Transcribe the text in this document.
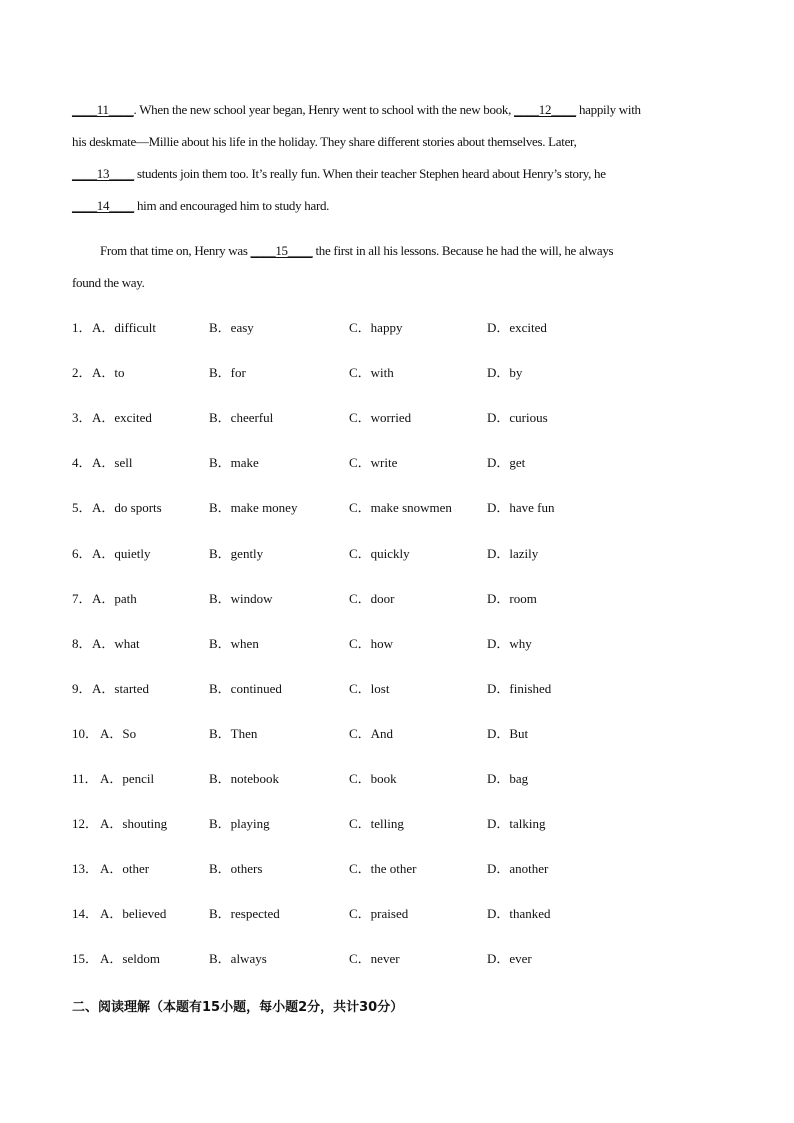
____11____. When the new school year began, Henry went to school with the new book, ____12____ happily with
his deskmate—Millie about his life in the holiday. They share different stories about themselves. Later,
____13____ students join them too. It’s really fun. When their teacher Stephen heard about Henry’s story, he
____14____ him and encouraged him to study hard.
From that time on, Henry was ____15____ the first in all his lessons. Because he had the will, he always
found the way.
1． A．difficult	B．easy	C．happy	D．excited
2． A．to	B．for	C．with	D．by
3． A．excited	B．cheerful	C．worried	D．curious
4． A．sell	B．make	C．write	D．get
5． A．do sports	B．make money	C．make snowmen	D．have fun
6． A．quietly	B．gently	C．quickly	D．lazily
7． A．path	B．window	C．door	D．room
8． A．what	B．when	C．how	D．why
9． A．started	B．continued	C．lost	D．finished
10． A．So	B．Then	C．And	D．But
11． A．pencil	B．notebook	C．book	D．bag
12． A．shouting	B．playing	C．telling	D．talking
13． A．other	B．others	C．the other	D．another
14． A．believed	B．respected	C．praised	D．thanked
15． A．seldom	B．always	C．never	D．ever
二、阅读理解（本题有15小题，每小题2分，共计30分）
